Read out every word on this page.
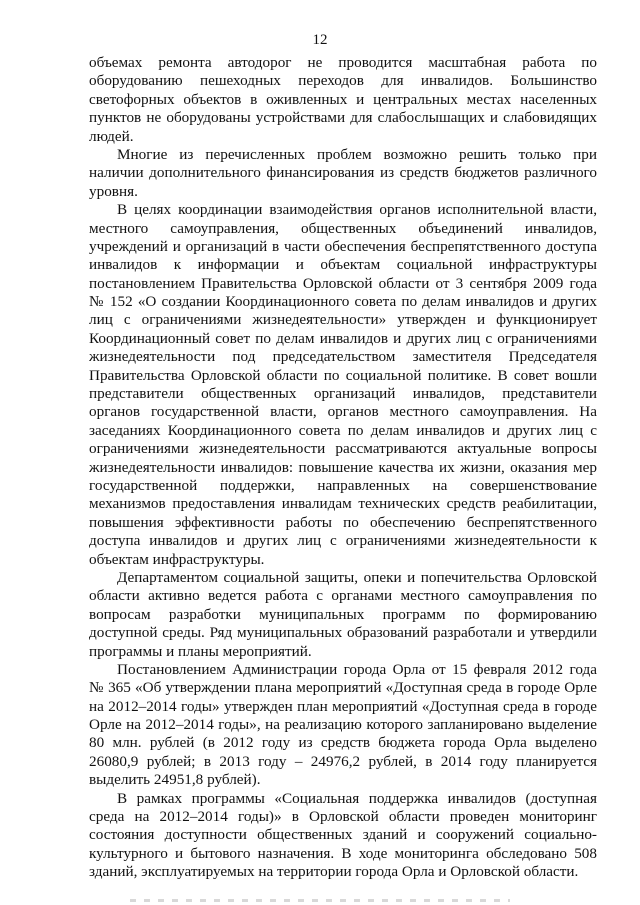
12
объемах ремонта автодорог не проводится масштабная работа по
оборудованию пешеходных переходов для инвалидов. Большинство
светофорных объектов в оживленных и центральных местах населенных
пунктов не оборудованы устройствами для слабослышащих и слабовидящих
людей.
Многие из перечисленных проблем возможно решить только при
наличии дополнительного финансирования из средств бюджетов различного
уровня.
В целях координации взаимодействия органов исполнительной власти,
местного самоуправления, общественных объединений инвалидов,
учреждений и организаций в части обеспечения беспрепятственного доступа
инвалидов к информации и объектам социальной инфраструктуры
постановлением Правительства Орловской области от 3 сентября 2009 года
№ 152 «О создании Координационного совета по делам инвалидов и других
лиц с ограничениями жизнедеятельности» утвержден и функционирует
Координационный совет по делам инвалидов и других лиц с ограничениями
жизнедеятельности под председательством заместителя Председателя
Правительства Орловской области по социальной политике. В совет вошли
представители общественных организаций инвалидов, представители
органов государственной власти, органов местного самоуправления. На
заседаниях Координационного совета по делам инвалидов и других лиц с
ограничениями жизнедеятельности рассматриваются актуальные вопросы
жизнедеятельности инвалидов: повышение качества их жизни, оказания мер
государственной поддержки, направленных на совершенствование
механизмов предоставления инвалидам технических средств реабилитации,
повышения эффективности работы по обеспечению беспрепятственного
доступа инвалидов и других лиц с ограничениями жизнедеятельности к
объектам инфраструктуры.
Департаментом социальной защиты, опеки и попечительства Орловской
области активно ведется работа с органами местного самоуправления по
вопросам разработки муниципальных программ по формированию
доступной среды. Ряд муниципальных образований разработали и утвердили
программы и планы мероприятий.
Постановлением Администрации города Орла от 15 февраля 2012 года
№ 365 «Об утверждении плана мероприятий «Доступная среда в городе Орле
на 2012–2014 годы» утвержден план мероприятий «Доступная среда в городе
Орле на 2012–2014 годы», на реализацию которого запланировано выделение
80 млн. рублей (в 2012 году из средств бюджета города Орла выделено
26080,9 рублей; в 2013 году – 24976,2 рублей, в 2014 году планируется
выделить 24951,8 рублей).
В рамках программы «Социальная поддержка инвалидов (доступная
среда на 2012–2014 годы)» в Орловской области проведен мониторинг
состояния доступности общественных зданий и сооружений социально-
культурного и бытового назначения. В ходе мониторинга обследовано 508
зданий, эксплуатируемых на территории города Орла и Орловской области.
